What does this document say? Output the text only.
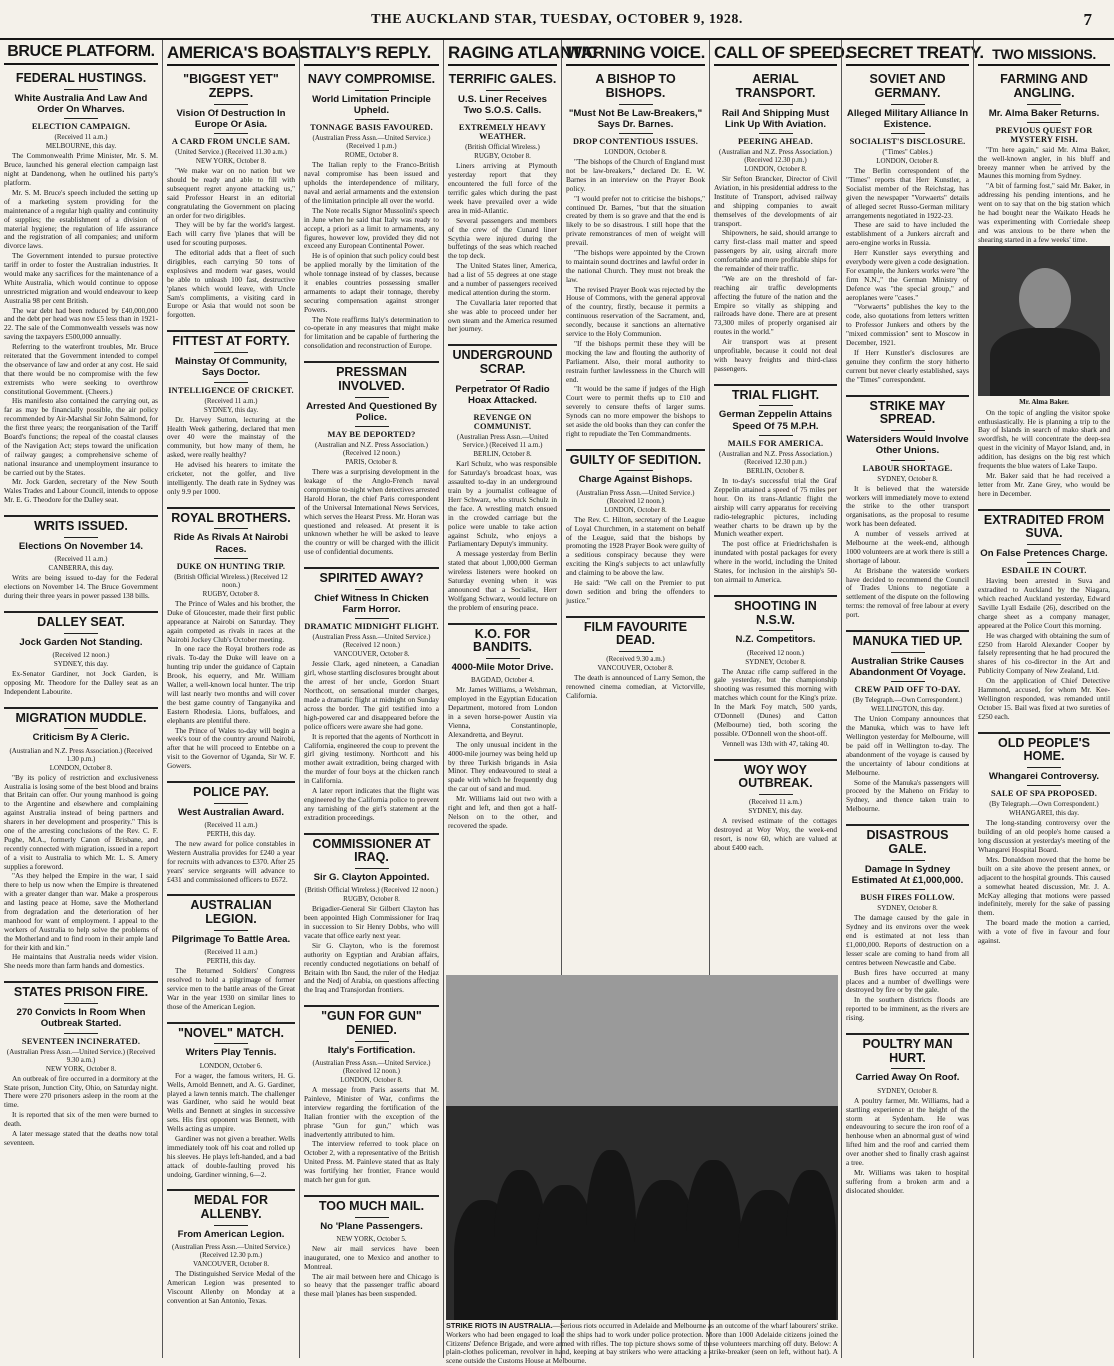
THE AUCKLAND STAR, TUESDAY, OCTOBER 9, 1928.	7
BRUCE PLATFORM.
FEDERAL HUSTINGS.
White Australia And Law And Order On Wharves.
ELECTION CAMPAIGN.
(Received 11 a.m.)
MELBOURNE, this day.

The Commonwealth Prime Minister, Mr. S. M. Bruce, launched his general election campaign last night at Dandenong, when he outlined his party's platform.

Mr. S. M. Bruce's speech included the setting up of a marketing system providing for the maintenance of a regular high quality and continuity of supplies; the establishment of a division of material hygiene; the regulation of life assurance and the registration of all companies; and uniform divorce laws.

The Government intended to pursue protective tariff in order to foster the Australian industries. It would make any sacrifices for the maintenance of a White Australia, which would continue to oppose unrestricted migration and would endeavour to keep Australia 98 per cent British.

The war debt had been reduced by £40,000,000 and the debt per head was now £5 less than in 1921-22. The sale of the Commonwealth vessels was now saving the taxpayers £500,000 annually.

Referring to the waterfront troubles, Mr. Bruce reiterated that the Government intended to compel the observance of law and order at any cost. He said that there would be no compromise with the few extremists who were seeking to overthrow constitutional Government. (Cheers.)

His manifesto also contained the carrying out, as far as may be financially possible, the air policy recommended by Air-Marshal Sir John Salmond, for the first three years; the reorganisation of the Tariff Board's functions; the repeal of the coastal clauses of the Navigation Act; steps toward the unification of railway gauges; a comprehensive scheme of national insurance and unemployment insurance to be carried out by the States.

Mr. Jock Garden, secretary of the New South Wales Trades and Labour Council, intends to oppose Mr. E. G. Theodore for the Dalley seat.

WRITS ISSUED.
Elections On November 14.
(Received 11 a.m.)
CANBERRA, this day.

Writs are being issued to-day for the Federal elections on November 14. The Bruce Government during their three years in power passed 138 bills.

DALLEY SEAT.
Jock Garden Not Standing.
(Received 12 noon.)
SYDNEY, this day.

Ex-Senator Gardiner, not Jock Garden, is opposing Mr. Theodore for the Dalley seat as an Independent Labourite.

MIGRATION MUDDLE.
Criticism By A Cleric.
(Australian and N.Z. Press Association.) (Received 1.30 p.m.)
LONDON, October 8.

"By its policy of restriction and exclusiveness Australia is losing some of the best blood and brains that Britain can offer. Our young manhood is going to the Argentine and elsewhere and complaining against Australia instead of being partners and sharers in her development and prosperity." This is one of the arresting conclusions of the Rev. C. F. Pughe, M.A., formerly Canon of Brisbane, and recently connected with migration, issued in a report of a visit to Australia to which Mr. L. S. Amery supplies a foreword.

"As they helped the Empire in the war, I said there to help us now when the Empire is threatened with a greater danger than war. Make a prosperous and lasting peace at Home, save the Motherland from degradation and the deterioration of her manhood for want of employment. I appeal to the workers of Australia to help solve the problems of the Motherland and to find room in their ample land for their kith and kin."

He maintains that Australia needs wider vision. She needs more than farm hands and domestics.

STATES PRISON FIRE.
270 Convicts In Room When Outbreak Started.
SEVENTEEN INCINERATED.
(Australian Press Assn.—United Service.) (Received 9.30 a.m.)
NEW YORK, October 8.

An outbreak of fire occurred in a dormitory at the State prison, Junction City, Ohio, on Saturday night. There were 270 prisoners asleep in the room at the time.

It is reported that six of the men were burned to death.

A later message stated that the deaths now total seventeen.

AMERICA'S BOAST.
"BIGGEST YET" ZEPPS.
Vision Of Destruction In Europe Or Asia.
A CARD FROM UNCLE SAM.
(United Service.) (Received 11.30 a.m.)
NEW YORK, October 8.

"We make war on no nation but we should be ready and able to fill with subsequent regret anyone attacking us," said Professor Hearst in an editorial congratulating the Government on placing an order for two dirigibles.

They will be by far the world's largest. Each will carry five 'planes that will be used for scouting purposes.

The editorial adds that a fleet of such dirigibles, each carrying 50 tons of explosives and modern war gases, would be able to unleash 100 fast, destructive 'planes which would leave, with Uncle Sam's compliments, a visiting card in Europe or Asia that would not soon be forgotten.

FITTEST AT FORTY.
Mainstay Of Community, Says Doctor.
INTELLIGENCE OF CRICKET.
(Received 11 a.m.)
SYDNEY, this day.

Dr. Harvey Sutton, lecturing at the Health Week gathering, declared that men over 40 were the mainstay of the community, but how many of them, he asked, were really healthy?

He advised his hearers to imitate the cricketer, not the golfer, and live intelligently. The death rate in Sydney was only 9.9 per 1000.

ROYAL BROTHERS.
Ride As Rivals At Nairobi Races.
DUKE ON HUNTING TRIP.
(British Official Wireless.) (Received 12 noon.)
RUGBY, October 8.

The Prince of Wales and his brother, the Duke of Gloucester, made their first public appearance at Nairobi on Saturday. They again competed as rivals in races at the Nairobi Jockey Club's October meeting.

In one race the Royal brothers rode as rivals. To-day the Duke will leave on a hunting trip under the guidance of Captain Brook, his equerry, and Mr. William Waller, a well-known local hunter. The trip will last nearly two months and will cover the best game country of Tanganyika and Eastern Rhodesia. Lions, buffaloes, and elephants are plentiful there.

The Prince of Wales to-day will begin a week's tour of the country around Nairobi, after that he will proceed to Entebbe on a visit to the Governor of Uganda, Sir W. F. Gowers.

POLICE PAY.
West Australian Award.
(Received 11 a.m.)
PERTH, this day.

The new award for police constables in Western Australia provides for £240 a year for recruits with advances to £370. After 25 years' service sergeants will advance to £431 and commissioned officers to £672.

AUSTRALIAN LEGION.
Pilgrimage To Battle Area.
(Received 11 a.m.)
PERTH, this day.

The Returned Soldiers' Congress resolved to hold a pilgrimage of former service men to the battle areas of the Great War in the year 1930 on similar lines to those of the American Legion.

"NOVEL" MATCH.
Writers Play Tennis.
LONDON, October 6.

For a wager, the famous writers, H. G. Wells, Arnold Bennett, and A. G. Gardiner, played a lawn tennis match. The challenger was Gardiner, who said he would beat Wells and Bennett at singles in successive sets. His first opponent was Bennett, with Wells acting as umpire.

Gardiner was not given a breather. Wells immediately took off his coat and rolled up his sleeves. He plays left-handed, and a bad attack of double-faulting proved his undoing, Gardiner winning, 6—2.

MEDAL FOR ALLENBY.
From American Legion.
(Australian Press Assn.—United Service.) (Received 12.30 p.m.)
VANCOUVER, October 8.

The Distinguished Service Medal of the American Legion was presented to Viscount Allenby on Monday at a convention at San Antonio, Texas.

ITALY'S REPLY.
NAVY COMPROMISE.
World Limitation Principle Upheld.
TONNAGE BASIS FAVOURED.
(Australian Press Assn.—United Service.) (Received 1 p.m.)
ROME, October 8.

The Italian reply to the Franco-British naval compromise has been issued and upholds the interdependence of military, naval and aerial armaments and the extension of the limitation principle all over the world.

The Note recalls Signor Mussolini's speech in June when he said that Italy was ready to accept, a priori as a limit to armaments, any figures, however low, provided they did not exceed any European Continental Power.

He is of opinion that such policy could best be applied morally by the limitation of the whole tonnage instead of by classes, because it enables countries possessing smaller armaments to adapt their tonnage, thereby securing compensation against stronger Powers.

The Note reaffirms Italy's determination to co-operate in any measures that might make for limitation and be capable of furthering the consolidation and reconstruction of Europe.

PRESSMAN INVOLVED.
Arrested And Questioned By Police.
MAY BE DEPORTED?
(Australian and N.Z. Press Association.) (Received 12 noon.)
PARIS, October 8.

There was a surprising development in the leakage of the Anglo-French naval compromise to-night when detectives arrested Harold Horan, the chief Paris correspondent of the Universal International News Services, which serves the Hearst Press. Mr. Horan was questioned and released. At present it is unknown whether he will be asked to leave the country or will be charged with the illicit use of confidential documents.

SPIRITED AWAY?
Chief Witness In Chicken Farm Horror.
DRAMATIC MIDNIGHT FLIGHT.
(Australian Press Assn.—United Service.) (Received 12 noon.)
VANCOUVER, October 8.

Jessie Clark, aged nineteen, a Canadian girl, whose startling disclosures brought about the arrest of her uncle, Gordon Stuart Northcott, on sensational murder charges, made a dramatic flight at midnight on Sunday across the border. The girl testified into a high-powered car and disappeared before the police officers were aware she had gone.

It is reported that the agents of Northcott in California, engineered the coup to prevent the girl giving testimony. Northcott and his mother await extradition, being charged with the murder of four boys at the chicken ranch in California.

A later report indicates that the flight was engineered by the California police to prevent any tarnishing of the girl's statement at the extradition proceedings.

COMMISSIONER AT IRAQ.
Sir G. Clayton Appointed.
(British Official Wireless.) (Received 12 noon.)
RUGBY, October 8.

Brigadier-General Sir Gilbert Clayton has been appointed High Commissioner for Iraq in succession to Sir Henry Dobbs, who will vacate that office early next year.

Sir G. Clayton, who is the foremost authority on Egyptian and Arabian affairs, recently conducted negotiations on behalf of Britain with Ibn Saud, the ruler of the Hedjaz and the Nedj of Arabia, on questions affecting the Iraq and Transjordan frontiers.

"GUN FOR GUN" DENIED.
Italy's Fortification.
(Australian Press Assn.—United Service.) (Received 12 noon.)
LONDON, October 8.

A message from Paris asserts that M. Painleve, Minister of War, confirms the interview regarding the fortification of the Italian frontier with the exception of the phrase "Gun for gun," which was inadvertently attributed to him.

The interview referred to took place on October 2, with a representative of the British United Press. M. Painleve stated that as Italy was fortifying her frontier, France would match her gun for gun.

TOO MUCH MAIL.
No 'Plane Passengers.
NEW YORK, October 5.

New air mail services have been inaugurated, one to Mexico and another to Montreal.

The air mail between here and Chicago is so heavy that the passenger traffic aboard these mail 'planes has been suspended.

RAGING ATLANTIC
TERRIFIC GALES.
U.S. Liner Receives Two S.O.S. Calls.
EXTREMELY HEAVY WEATHER.
(British Official Wireless.)
RUGBY, October 8.

Liners arriving at Plymouth yesterday report that they encountered the full force of the terrific gales which during the past week have prevailed over a wide area in mid-Atlantic.

Several passengers and members of the crew of the Cunard liner Scythia were injured during the buffetings of the seas which reached the top deck.

The United States liner, America, had a list of 55 degrees at one stage and a number of passengers received medical attention during the storm.

The Cuvallaria later reported that she was able to proceed under her own steam and the America resumed her journey.

UNDERGROUND SCRAP.
Perpetrator Of Radio Hoax Attacked.
REVENGE ON COMMUNIST.
(Australian Press Assn.—United Service.) (Received 11 a.m.)
BERLIN, October 8.

Karl Schulz, who was responsible for Saturday's broadcast hoax, was assaulted to-day in an underground train by a journalist colleague of Herr Schwarz, who struck Schulz in the face. A wrestling match ensued in the crowded carriage but the police were unable to take action against Schulz, who enjoys a Parliamentary Deputy's immunity.

A message yesterday from Berlin stated that about 1,000,000 German wireless listeners were hooked on Saturday evening when it was announced that a Socialist, Herr Wolfgang Schwarz, would lecture on the problem of ensuring peace.

K.O. FOR BANDITS.
4000-Mile Motor Drive.
BAGDAD, October 4.

Mr. James Williams, a Welshman, employed in the Egyptian Education Department, motored from London in a seven horse-power Austin via Vienna, Constantinople, Alexandretta, and Beyrut.

The only unusual incident in the 4000-mile journey was being held up by three Turkish brigands in Asia Minor. They endeavoured to steal a spade with which he frequently dug the car out of sand and mud.

Mr. Williams laid out two with a right and left, and then got a half-Nelson on to the other, and recovered the spade.

WARNING VOICE.
A BISHOP TO BISHOPS.
"Must Not Be Law-Breakers," Says Dr. Barnes.
DROP CONTENTIOUS ISSUES.
LONDON, October 8.

"The bishops of the Church of England must not be law-breakers," declared Dr. E. W. Barnes in an interview on the Prayer Book policy.

"I would prefer not to criticise the bishops," continued Dr. Barnes, "but that the situation created by them is so grave and that the end is likely to be so disastrous. I still hope that the private remonstrances of men of weight will prevail.

"The bishops were appointed by the Crown to maintain sound doctrines and lawful order in the national Church. They must not break the law.

The revised Prayer Book was rejected by the House of Commons, with the general approval of the country, firstly, because it permits a continuous reservation of the Sacrament, and, secondly, because it sanctions an alternative service to the Holy Communion.

"If the bishops permit these they will be mocking the law and flouting the authority of Parliament. Also, their moral authority to restrain further lawlessness in the Church will end.

"It would be the same if judges of the High Court were to permit thefts up to £10 and severely to censure thefts of larger sums. Synods can no more empower the bishops to set aside the old books than they can confer the right to repudiate the Ten Commandments.

GUILTY OF SEDITION.
Charge Against Bishops.
(Australian Press Assn.—United Service.) (Received 12 noon.)
LONDON, October 8.

The Rev. C. Hilton, secretary of the League of Loyal Churchmen, in a statement on behalf of the League, said that the bishops by promoting the 1928 Prayer Book were guilty of a seditious conspiracy because they were exciting the King's subjects to act unlawfully and claiming to be above the law.

He said: "We call on the Premier to put down sedition and bring the offenders to justice."

FILM FAVOURITE DEAD.
(Received 9.30 a.m.)
VANCOUVER, October 8.

The death is announced of Larry Semon, the renowned cinema comedian, at Victorville, California.

CALL OF SPEED.
AERIAL TRANSPORT.
Rail And Shipping Must Link Up With Aviation.
PEERING AHEAD.
(Australian and N.Z. Press Association.) (Received 12.30 p.m.)
LONDON, October 8.

Sir Sefton Brancker, Director of Civil Aviation, in his presidential address to the Institute of Transport, advised railway and shipping companies to await themselves of the developments of air transport.

Shipowners, he said, should arrange to carry first-class mail matter and speed passengers by air, using aircraft more comfortable and more profitable ships for the remainder of their traffic.

"We are on the threshold of far-reaching air traffic developments affecting the future of the nation and the Empire so vitally as shipping and railroads have done. There are at present 73,300 miles of properly organised air routes in the world."

Air transport was at present unprofitable, because it could not deal with heavy freights and third-class passengers.

TRIAL FLIGHT.
German Zeppelin Attains Speed Of 75 M.P.H.
MAILS FOR AMERICA.
(Australian and N.Z. Press Association.) (Received 12.30 p.m.)
BERLIN, October 8.

In to-day's successful trial the Graf Zeppelin attained a speed of 75 miles per hour. On its trans-Atlantic flight the airship will carry apparatus for receiving radio-telegraphic pictures, including weather charts to be drawn up by the Munich weather expert.

The post office at Friedrichshafen is inundated with postal packages for every where in the world, including the United States, for inclusion in the airship's 50-ton airmail to America.

SHOOTING IN N.S.W.
N.Z. Competitors.
(Received 12 noon.)
SYDNEY, October 8.

The Anzac rifle camp suffered in the gale yesterday, but the championship shooting was resumed this morning with matches which count for the King's prize. In the Mark Foy match, 500 yards, O'Donnell (Dunes) and Catton (Melbourne) tied, both scoring the possible. O'Donnell won the shoot-off.

Vennell was 13th with 47, taking 40.

WOY WOY OUTBREAK.
(Received 11 a.m.)
SYDNEY, this day.

A revised estimate of the cottages destroyed at Woy Woy, the week-end resort, is now 60, which are valued at about £400 each.

SECRET TREATY.
SOVIET AND GERMANY.
Alleged Military Alliance In Existence.
SOCIALIST'S DISCLOSURE.
("Times" Cables.)
LONDON, October 8.

The Berlin correspondent of the "Times" reports that Herr Kunstler, a Socialist member of the Reichstag, has given the newspaper "Vorwaerts" details of alleged secret Russo-German military arrangements negotiated in 1922-23.

These are said to have included the establishment of a Junkers aircraft and aero-engine works in Russia.

Herr Kunstler says everything and everybody were given a code designation. For example, the Junkers works were "the firm N.N.," the German Ministry of Defence was "the special group," and aeroplanes were "cases."

"Vorwaerts" publishes the key to the code, also quotations from letters written to Professor Junkers and others by the "mixed commission" sent to Moscow in December, 1921.

If Herr Kunstler's disclosures are genuine they confirm the story hitherto current but never clearly established, says the "Times" correspondent.

STRIKE MAY SPREAD.
Watersiders Would Involve Other Unions.
LABOUR SHORTAGE.
SYDNEY, October 8.

It is believed that the waterside workers will immediately move to extend the strike to the other transport organisations, as the proposal to resume work has been defeated.

A number of vessels arrived at Melbourne at the week-end, although 1000 volunteers are at work there is still a shortage of labour.

At Brisbane the waterside workers have decided to recommend the Council of Trades Unions to negotiate a settlement of the dispute on the following terms: the removal of free labour at every port.

MANUKA TIED UP.
Australian Strike Causes Abandonment Of Voyage.
CREW PAID OFF TO-DAY.
(By Telegraph.—Own Correspondent.)
WELLINGTON, this day.

The Union Company announces that the Manuka, which was to have left Wellington yesterday for Melbourne, will be paid off in Wellington to-day. The abandonment of the voyage is caused by the uncertainty of labour conditions at Melbourne.

Some of the Manuka's passengers will proceed by the Maheno on Friday to Sydney, and thence taken train to Melbourne.

DISASTROUS GALE.
Damage In Sydney Estimated At £1,000,000.
BUSH FIRES FOLLOW.
SYDNEY, October 8.

The damage caused by the gale in Sydney and its environs over the week end is estimated at not less than £1,000,000. Reports of destruction on a lesser scale are coming to hand from all centres between Newcastle and Cabe.

Bush fires have occurred at many places and a number of dwellings were destroyed by fire or by the gale.

In the southern districts floods are reported to be imminent, as the rivers are rising.

POULTRY MAN HURT.
Carried Away On Roof.
SYDNEY, October 8.

A poultry farmer, Mr. Williams, had a startling experience at the height of the storm at Sydenham. He was endeavouring to secure the iron roof of a henhouse when an abnormal gust of wind lifted him and the roof and carried them over another shed to finally crash against a tree.

Mr. Williams was taken to hospital suffering from a broken arm and a dislocated shoulder.

TWO MISSIONS.
FARMING AND ANGLING.
Mr. Alma Baker Returns.
PREVIOUS QUEST FOR MYSTERY FISH.

"I'm here again," said Mr. Alma Baker, the well-known angler, in his bluff and breezy manner when he arrived by the Maunes this morning from Sydney.

"A bit of farming fost," said Mr. Baker, in addressing his pending intentions, and he went on to say that on the big station which he had bought near the Waikato Heads he was experimenting with Corriedale sheep and was anxious to be there when the shearing started in a few weeks' time.

Mr. Alma Baker.

On the topic of angling the visitor spoke enthusiastically. He is planning a trip to the Bay of Islands in search of mako shark and swordfish, he will concentrate the deep-sea quest in the vicinity of Mayor Island, and, in addition, has designs on the big rest which frequents the blue waters of Lake Taupo.

Mr. Baker said that he had received a letter from Mr. Zane Grey, who would be here in December.

EXTRADITED FROM SUVA.
On False Pretences Charge.
ESDAILE IN COURT.

Having been arrested in Suva and extradited to Auckland by the Niagara, which reached Auckland yesterday, Edward Saville Lyall Esdaile (26), described on the charge sheet as a company manager, appeared at the Police Court this morning.

He was charged with obtaining the sum of £250 from Harold Alexander Cooper by falsely representing that he had procured the shares of his co-director in the Art and Publicity Company of New Zealand, Ltd.

On the application of Chief Detective Hammond, accused, for whom Mr. Kee-Wellington responded, was remanded until October 15. Bail was fixed at two sureties of £250 each.

OLD PEOPLE'S HOME.
Whangarei Controversy.
SALE OF SPA PROPOSED.
(By Telegraph.—Own Correspondent.)
WHANGAREI, this day.

The long-standing controversy over the building of an old people's home caused a long discussion at yesterday's meeting of the Whangarei Hospital Board.

Mrs. Donaldson moved that the home be built on a site above the present annex, or adjacent to the hospital grounds. This caused a somewhat heated discussion, Mr. J. A. McKay alleging that motions were passed indefinitely, merely for the sake of passing them.

The board made the motion a carried, with a vote of five in favour and four against.

STRIKE RIOTS IN AUSTRALIA.—Serious riots occurred in Adelaide and Melbourne as an outcome of the wharf labourers' strike. Workers who had been engaged to load the ships had to work under police protection. More than 1000 Adelaide citizens joined the Citizens' Defence Brigade, and were armed with rifles. The top picture shows some of these volunteers marching off duty. Below: A plain-clothes policeman, revolver in hand, keeping at bay strikers who were attacking a strike-breaker (seen on left, without hat). A scene outside the Customs House at Melbourne.
